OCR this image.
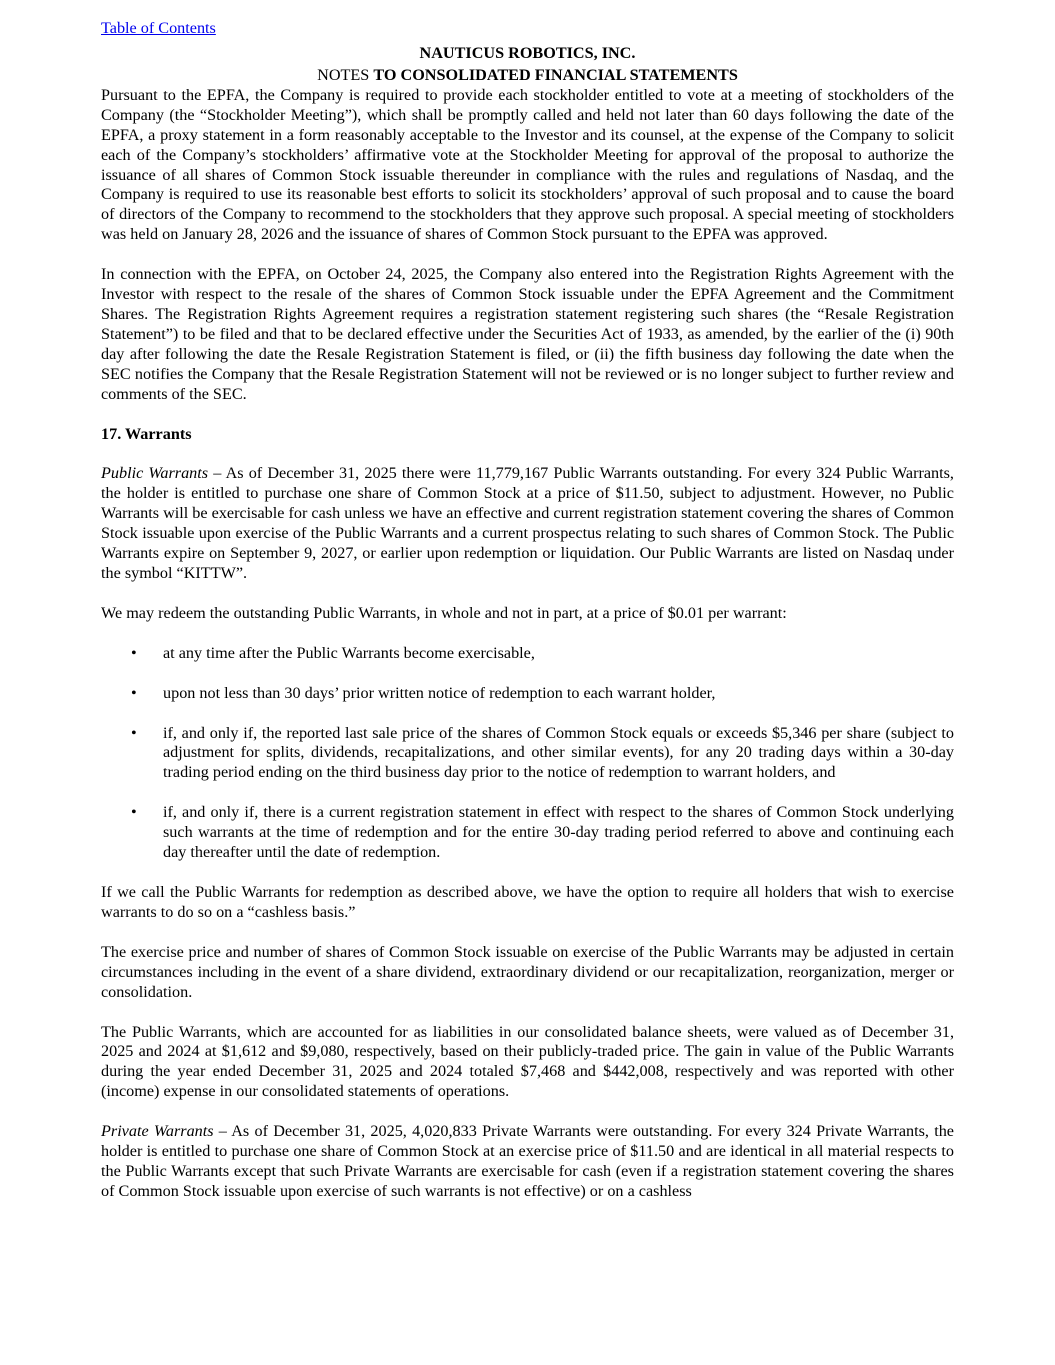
Table of Contents
NAUTICUS ROBOTICS, INC.
NOTES TO CONSOLIDATED FINANCIAL STATEMENTS

Pursuant to the EPFA, the Company is required to provide each stockholder entitled to vote at a meeting of stockholders of the Company (the “Stockholder Meeting”), which shall be promptly called and held not later than 60 days following the date of the EPFA, a proxy statement in a form reasonably acceptable to the Investor and its counsel, at the expense of the Company to solicit each of the Company’s stockholders’ affirmative vote at the Stockholder Meeting for approval of the proposal to authorize the issuance of all shares of Common Stock issuable thereunder in compliance with the rules and regulations of Nasdaq, and the Company is required to use its reasonable best efforts to solicit its stockholders’ approval of such proposal and to cause the board of directors of the Company to recommend to the stockholders that they approve such proposal. A special meeting of stockholders was held on January 28, 2026 and the issuance of shares of Common Stock pursuant to the EPFA was approved.

In connection with the EPFA, on October 24, 2025, the Company also entered into the Registration Rights Agreement with the Investor with respect to the resale of the shares of Common Stock issuable under the EPFA Agreement and the Commitment Shares. The Registration Rights Agreement requires a registration statement registering such shares (the “Resale Registration Statement”) to be filed and that to be declared effective under the Securities Act of 1933, as amended, by the earlier of the (i) 90th day after following the date the Resale Registration Statement is filed, or (ii) the fifth business day following the date when the SEC notifies the Company that the Resale Registration Statement will not be reviewed or is no longer subject to further review and comments of the SEC.

17. Warrants

Public Warrants – As of December 31, 2025 there were 11,779,167 Public Warrants outstanding. For every 324 Public Warrants, the holder is entitled to purchase one share of Common Stock at a price of $11.50, subject to adjustment. However, no Public Warrants will be exercisable for cash unless we have an effective and current registration statement covering the shares of Common Stock issuable upon exercise of the Public Warrants and a current prospectus relating to such shares of Common Stock. The Public Warrants expire on September 9, 2027, or earlier upon redemption or liquidation. Our Public Warrants are listed on Nasdaq under the symbol “KITTW”.

We may redeem the outstanding Public Warrants, in whole and not in part, at a price of $0.01 per warrant:

• at any time after the Public Warrants become exercisable,
• upon not less than 30 days’ prior written notice of redemption to each warrant holder,
• if, and only if, the reported last sale price of the shares of Common Stock equals or exceeds $5,346 per share (subject to adjustment for splits, dividends, recapitalizations, and other similar events), for any 20 trading days within a 30-day trading period ending on the third business day prior to the notice of redemption to warrant holders, and
• if, and only if, there is a current registration statement in effect with respect to the shares of Common Stock underlying such warrants at the time of redemption and for the entire 30-day trading period referred to above and continuing each day thereafter until the date of redemption.

If we call the Public Warrants for redemption as described above, we have the option to require all holders that wish to exercise warrants to do so on a “cashless basis.”

The exercise price and number of shares of Common Stock issuable on exercise of the Public Warrants may be adjusted in certain circumstances including in the event of a share dividend, extraordinary dividend or our recapitalization, reorganization, merger or consolidation.

The Public Warrants, which are accounted for as liabilities in our consolidated balance sheets, were valued as of December 31, 2025 and 2024 at $1,612 and $9,080, respectively, based on their publicly-traded price. The gain in value of the Public Warrants during the year ended December 31, 2025 and 2024 totaled $7,468 and $442,008, respectively and was reported with other (income) expense in our consolidated statements of operations.

Private Warrants – As of December 31, 2025, 4,020,833 Private Warrants were outstanding. For every 324 Private Warrants, the holder is entitled to purchase one share of Common Stock at an exercise price of $11.50 and are identical in all material respects to the Public Warrants except that such Private Warrants are exercisable for cash (even if a registration statement covering the shares of Common Stock issuable upon exercise of such warrants is not effective) or on a cashless
